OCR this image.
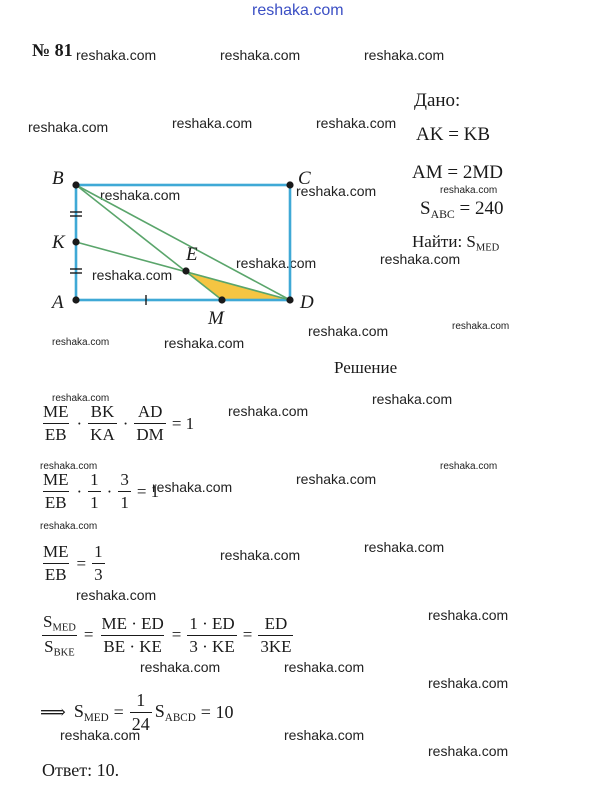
reshaka.com
reshaka.com	reshaka.com	reshaka.com
reshaka.com	reshaka.com	reshaka.com
reshaka.com
reshaka.com	reshaka.com
reshaka.com
reshaka.com
reshaka.com
reshaka.com	reshaka.com
reshaka.com	reshaka.com
reshaka.com	reshaka.com
reshaka.com
reshaka.com	reshaka.com
reshaka.com
reshaka.com
reshaka.com
reshaka.com
reshaka.com
reshaka.com
reshaka.com
reshaka.com	reshaka.com
reshaka.com
reshaka.com	reshaka.com
reshaka.com
№ 81
Дано:
AK = KB
AM = 2MD
$S_{ABC} = 240$
Найти: $S_{MED}$
B	C
K
A
M
D
E
Решение
$\frac{ME}{EB} \cdot \frac{BK}{KA} \cdot \frac{AD}{DM} = 1$
$\frac{ME}{EB} \cdot \frac{1}{1} \cdot \frac{3}{1} = 1$
$\frac{ME}{EB} = \frac{1}{3}$
$\frac{S_{MED}}{S_{BKE}} = \frac{ME \cdot ED}{BE \cdot KE} = \frac{1 \cdot ED}{3 \cdot KE} = \frac{ED}{3KE}$
⟹ $S_{MED} = \frac{1}{24} S_{ABCD} = 10$
Ответ: 10.
